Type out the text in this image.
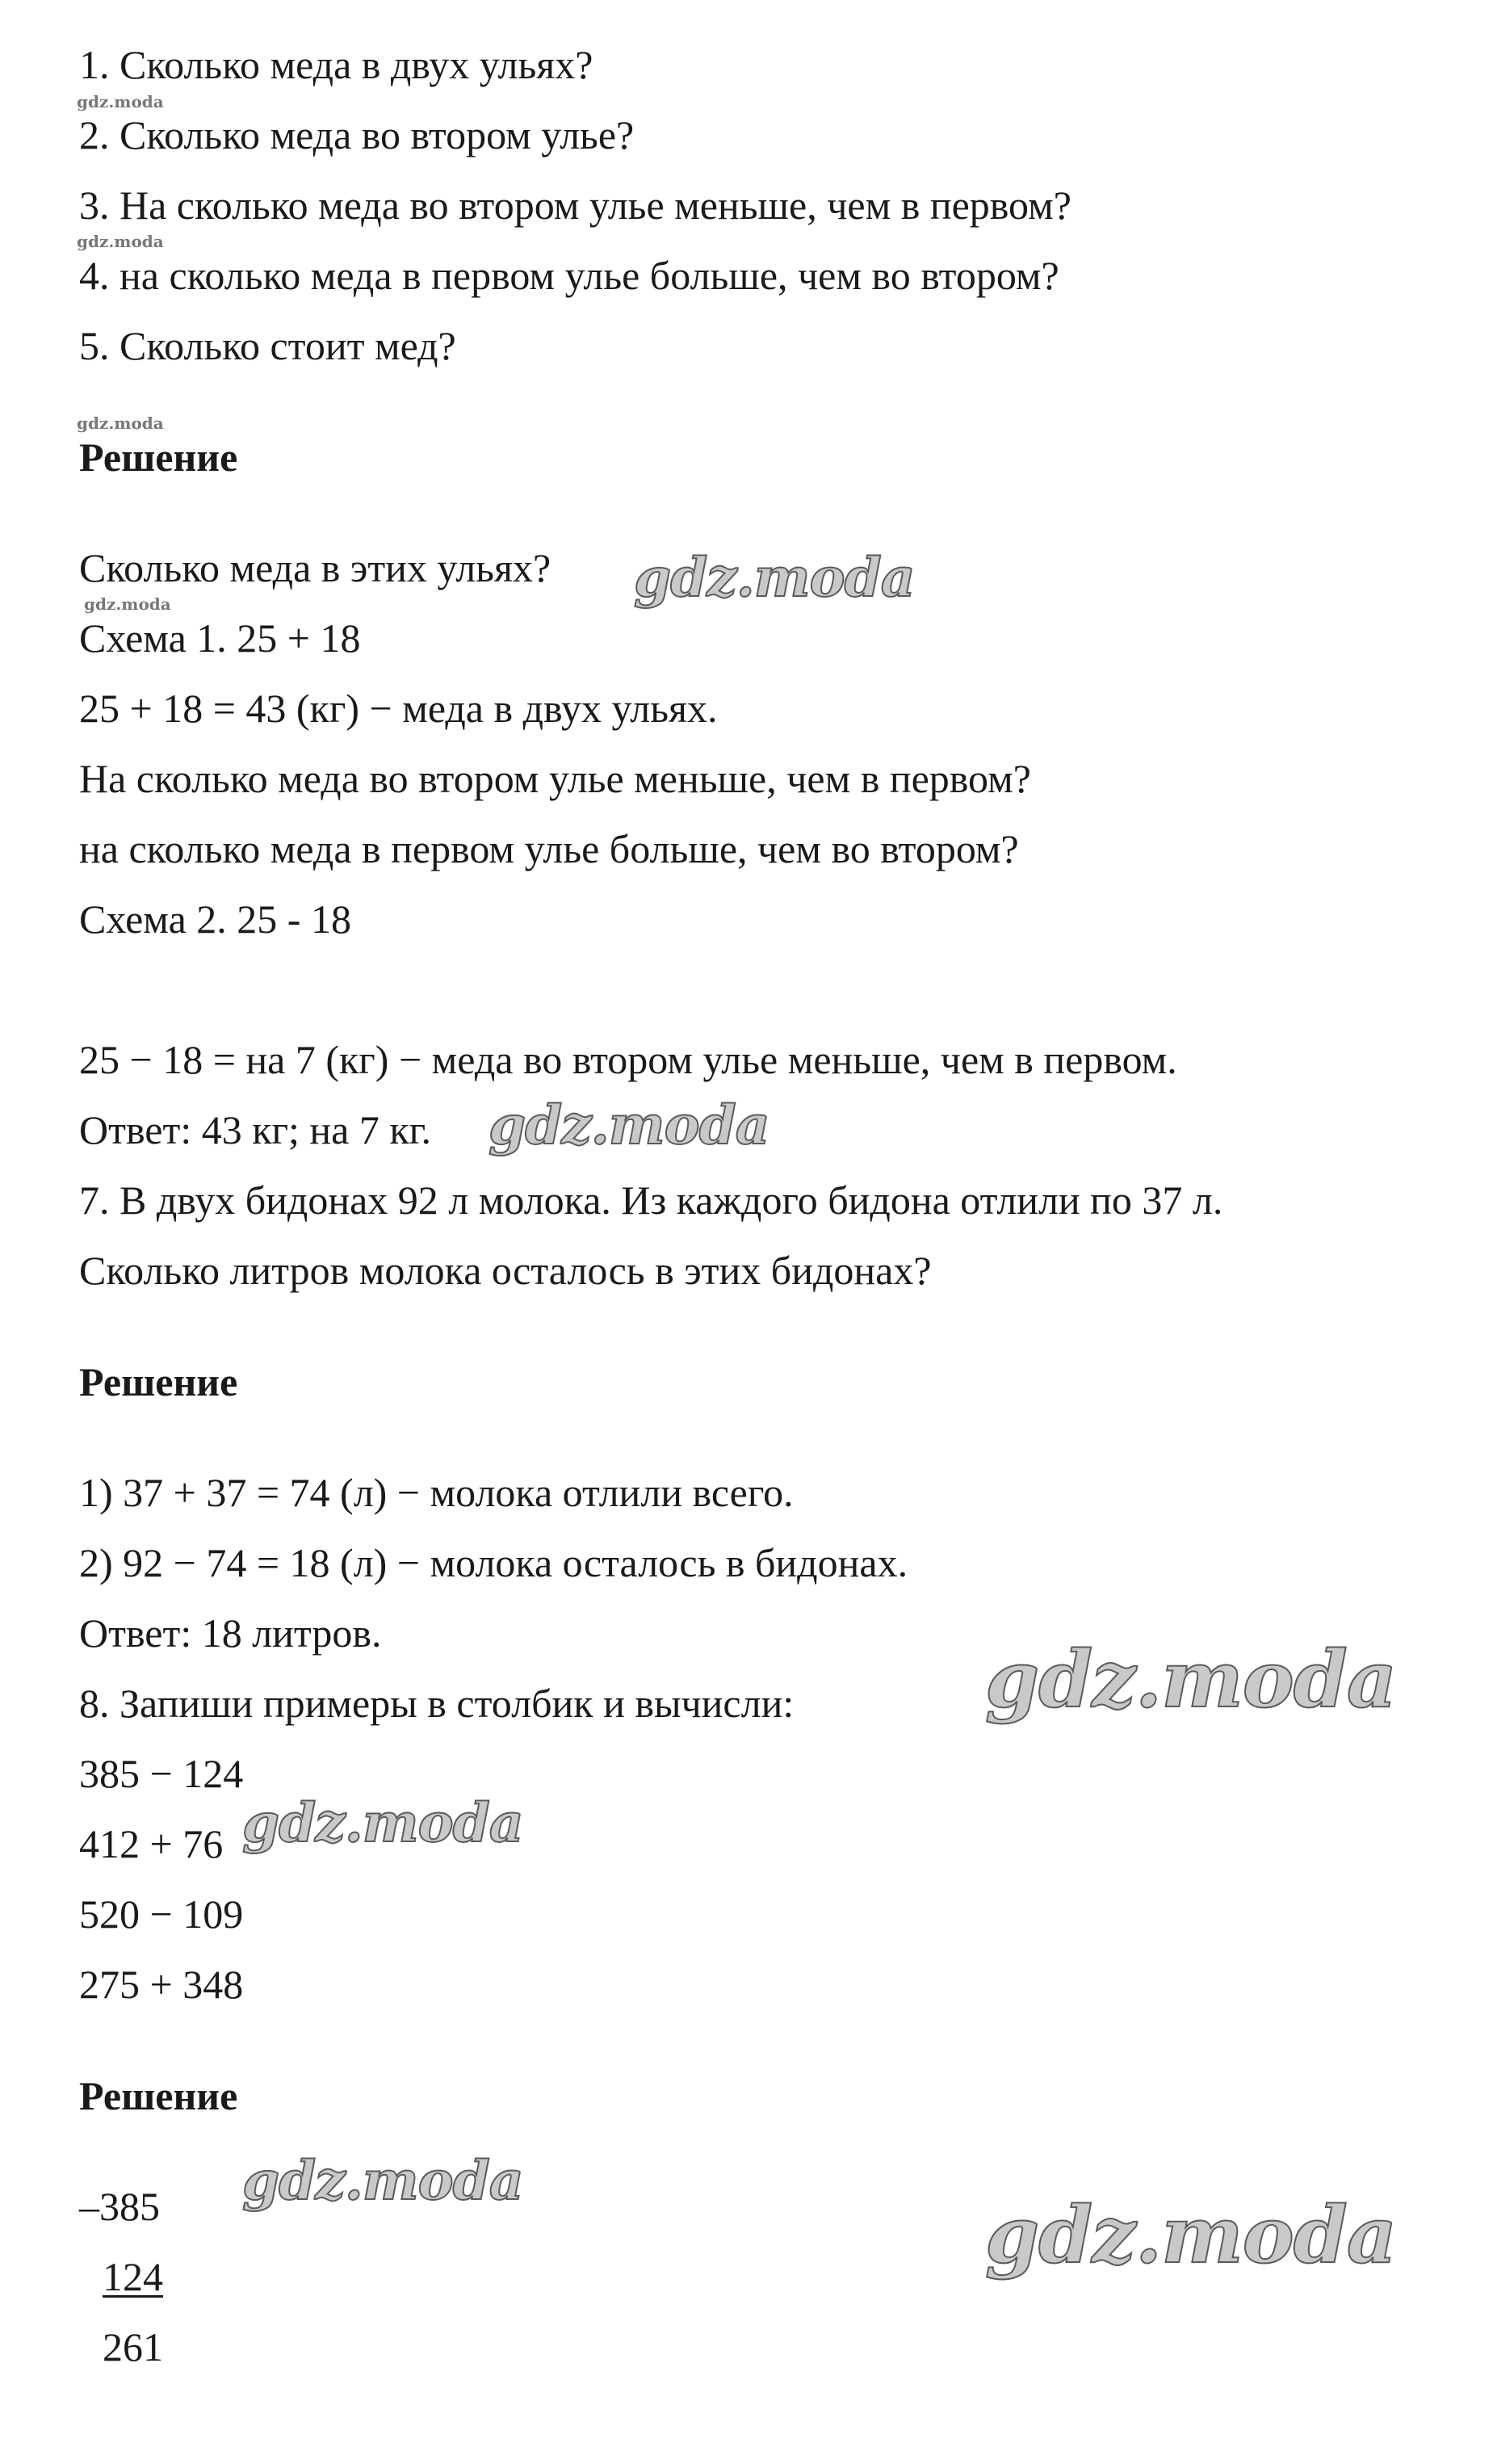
1. Сколько меда в двух ульях?
2. Сколько меда во втором улье?
3. На сколько меда во втором улье меньше, чем в первом?
4. на сколько меда в первом улье больше, чем во втором?
5. Сколько стоит мед?
Решение
Сколько меда в этих ульях?
Схема 1. 25 + 18
25 + 18 = 43 (кг) − меда в двух ульях.
На сколько меда во втором улье меньше, чем в первом?
на сколько меда в первом улье больше, чем во втором?
Схема 2. 25 - 18
25 − 18 = на 7 (кг) − меда во втором улье меньше, чем в первом.
Ответ: 43 кг; на 7 кг.
7. В двух бидонах 92 л молока. Из каждого бидона отлили по 37 л.
Сколько литров молока осталось в этих бидонах?
Решение
1) 37 + 37 = 74 (л) − молока отлили всего.
2) 92 − 74 = 18 (л) − молока осталось в бидонах.
Ответ: 18 литров.
8. Запиши примеры в столбик и вычисли:
385 − 124
412 + 76
520 − 109
275 + 348
Решение
–385
124
261
gdz.moda
gdz.moda
gdz.moda
gdz.moda
gdz.moda
gdz.moda
gdz.moda
gdz.moda
gdz.moda
gdz.moda
